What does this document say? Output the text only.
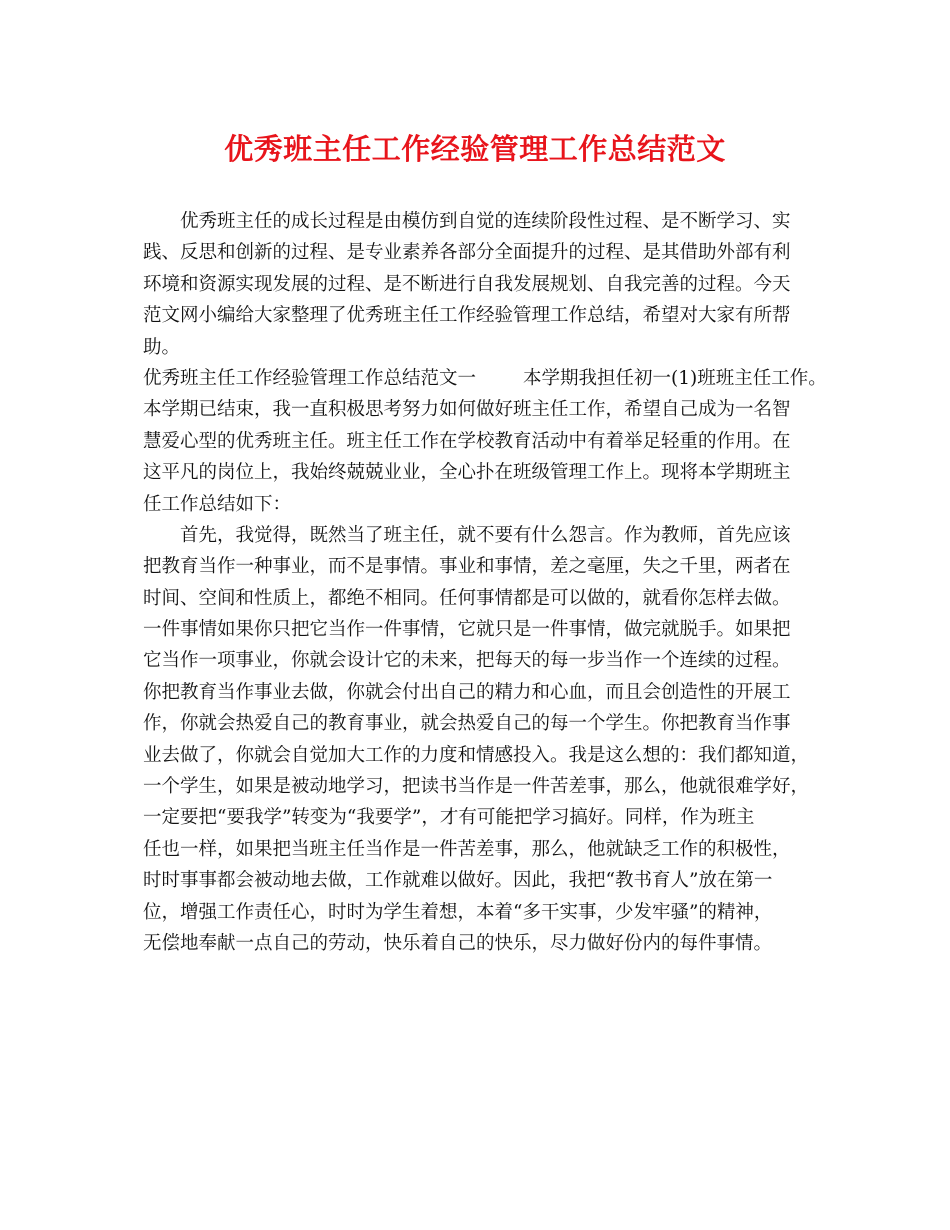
优秀班主任工作经验管理工作总结范文
优秀班主任的成长过程是由模仿到自觉的连续阶段性过程、是不断学习、实
践、反思和创新的过程、是专业素养各部分全面提升的过程、是其借助外部有利
环境和资源实现发展的过程、是不断进行自我发展规划、自我完善的过程。今天
范文网小编给大家整理了优秀班主任工作经验管理工作总结，希望对大家有所帮
助。
优秀班主任工作经验管理工作总结范文一        本学期我担任初一(1)班班主任工作。
本学期已结束，我一直积极思考努力如何做好班主任工作，希望自己成为一名智
慧爱心型的优秀班主任。班主任工作在学校教育活动中有着举足轻重的作用。在
这平凡的岗位上，我始终兢兢业业，全心扑在班级管理工作上。现将本学期班主
任工作总结如下：
首先，我觉得，既然当了班主任，就不要有什么怨言。作为教师，首先应该
把教育当作一种事业，而不是事情。事业和事情，差之毫厘，失之千里，两者在
时间、空间和性质上，都绝不相同。任何事情都是可以做的，就看你怎样去做。
一件事情如果你只把它当作一件事情，它就只是一件事情，做完就脱手。如果把
它当作一项事业，你就会设计它的未来，把每天的每一步当作一个连续的过程。
你把教育当作事业去做，你就会付出自己的精力和心血，而且会创造性的开展工
作，你就会热爱自己的教育事业，就会热爱自己的每一个学生。你把教育当作事
业去做了，你就会自觉加大工作的力度和情感投入。我是这么想的：我们都知道，
一个学生，如果是被动地学习，把读书当作是一件苦差事，那么，他就很难学好，
一定要把“要我学”转变为“我要学”，才有可能把学习搞好。同样，作为班主
任也一样，如果把当班主任当作是一件苦差事，那么，他就缺乏工作的积极性，
时时事事都会被动地去做，工作就难以做好。因此，我把“教书育人”放在第一
位，增强工作责任心，时时为学生着想，本着“多干实事，少发牢骚”的精神，
无偿地奉献一点自己的劳动，快乐着自己的快乐，尽力做好份内的每件事情。
